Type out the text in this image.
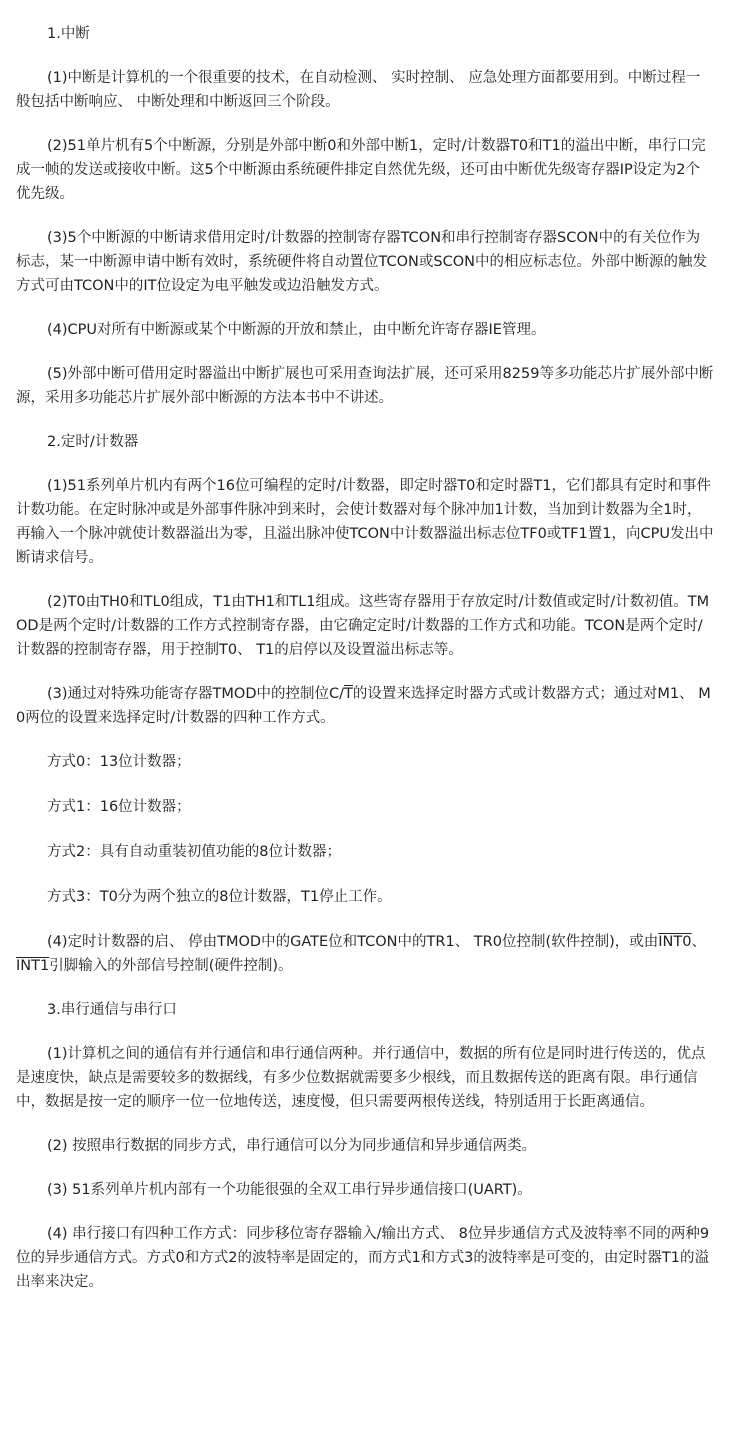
1.中断

(1)中断是计算机的一个很重要的技术，在自动检测、 实时控制、 应急处理方面都要用到。中断过程一般包括中断响应、 中断处理和中断返回三个阶段。

(2)51单片机有5个中断源，分别是外部中断0和外部中断1，定时/计数器T0和T1的溢出中断，串行口完成一帧的发送或接收中断。这5个中断源由系统硬件排定自然优先级，还可由中断优先级寄存器IP设定为2个优先级。

(3)5个中断源的中断请求借用定时/计数器的控制寄存器TCON和串行控制寄存器SCON中的有关位作为标志，某一中断源申请中断有效时，系统硬件将自动置位TCON或SCON中的相应标志位。外部中断源的触发方式可由TCON中的IT位设定为电平触发或边沿触发方式。

(4)CPU对所有中断源或某个中断源的开放和禁止，由中断允许寄存器IE管理。

(5)外部中断可借用定时器溢出中断扩展也可采用查询法扩展，还可采用8259等多功能芯片扩展外部中断源，采用多功能芯片扩展外部中断源的方法本书中不讲述。

2.定时/计数器

(1)51系列单片机内有两个16位可编程的定时/计数器，即定时器T0和定时器T1，它们都具有定时和事件计数功能。在定时脉冲或是外部事件脉冲到来时，会使计数器对每个脉冲加1计数，当加到计数器为全1时，再输入一个脉冲就使计数器溢出为零，且溢出脉冲使TCON中计数器溢出标志位TF0或TF1置1，向CPU发出中断请求信号。

(2)T0由TH0和TL0组成，T1由TH1和TL1组成。这些寄存器用于存放定时/计数值或定时/计数初值。TMOD是两个定时/计数器的工作方式控制寄存器，由它确定定时/计数器的工作方式和功能。TCON是两个定时/计数器的控制寄存器，用于控制T0、 T1的启停以及设置溢出标志等。

(3)通过对特殊功能寄存器TMOD中的控制位$C/\overline{T}$的设置来选择定时器方式或计数器方式；通过对M1、 M0两位的设置来选择定时/计数器的四种工作方式。

方式0：13位计数器；
方式1：16位计数器；
方式2：具有自动重装初值功能的8位计数器；
方式3：T0分为两个独立的8位计数器，T1停止工作。

(4)定时计数器的启、 停由TMOD中的GATE位和TCON中的TR1、 TR0位控制(软件控制)，或由INT0、 INT1引脚输入的外部信号控制(硬件控制)。

3.串行通信与串行口

(1)计算机之间的通信有并行通信和串行通信两种。并行通信中，数据的所有位是同时进行传送的，优点是速度快，缺点是需要较多的数据线，有多少位数据就需要多少根线，而且数据传送的距离有限。串行通信中，数据是按一定的顺序一位一位地传送，速度慢，但只需要两根传送线，特别适用于长距离通信。

(2) 按照串行数据的同步方式，串行通信可以分为同步通信和异步通信两类。

(3) 51系列单片机内部有一个功能很强的全双工串行异步通信接口(UART)。

(4) 串行接口有四种工作方式：同步移位寄存器输入/输出方式、 8位异步通信方式及波特率不同的两种9位的异步通信方式。方式0和方式2的波特率是固定的，而方式1和方式3的波特率是可变的，由定时器T1的溢出率来决定。
